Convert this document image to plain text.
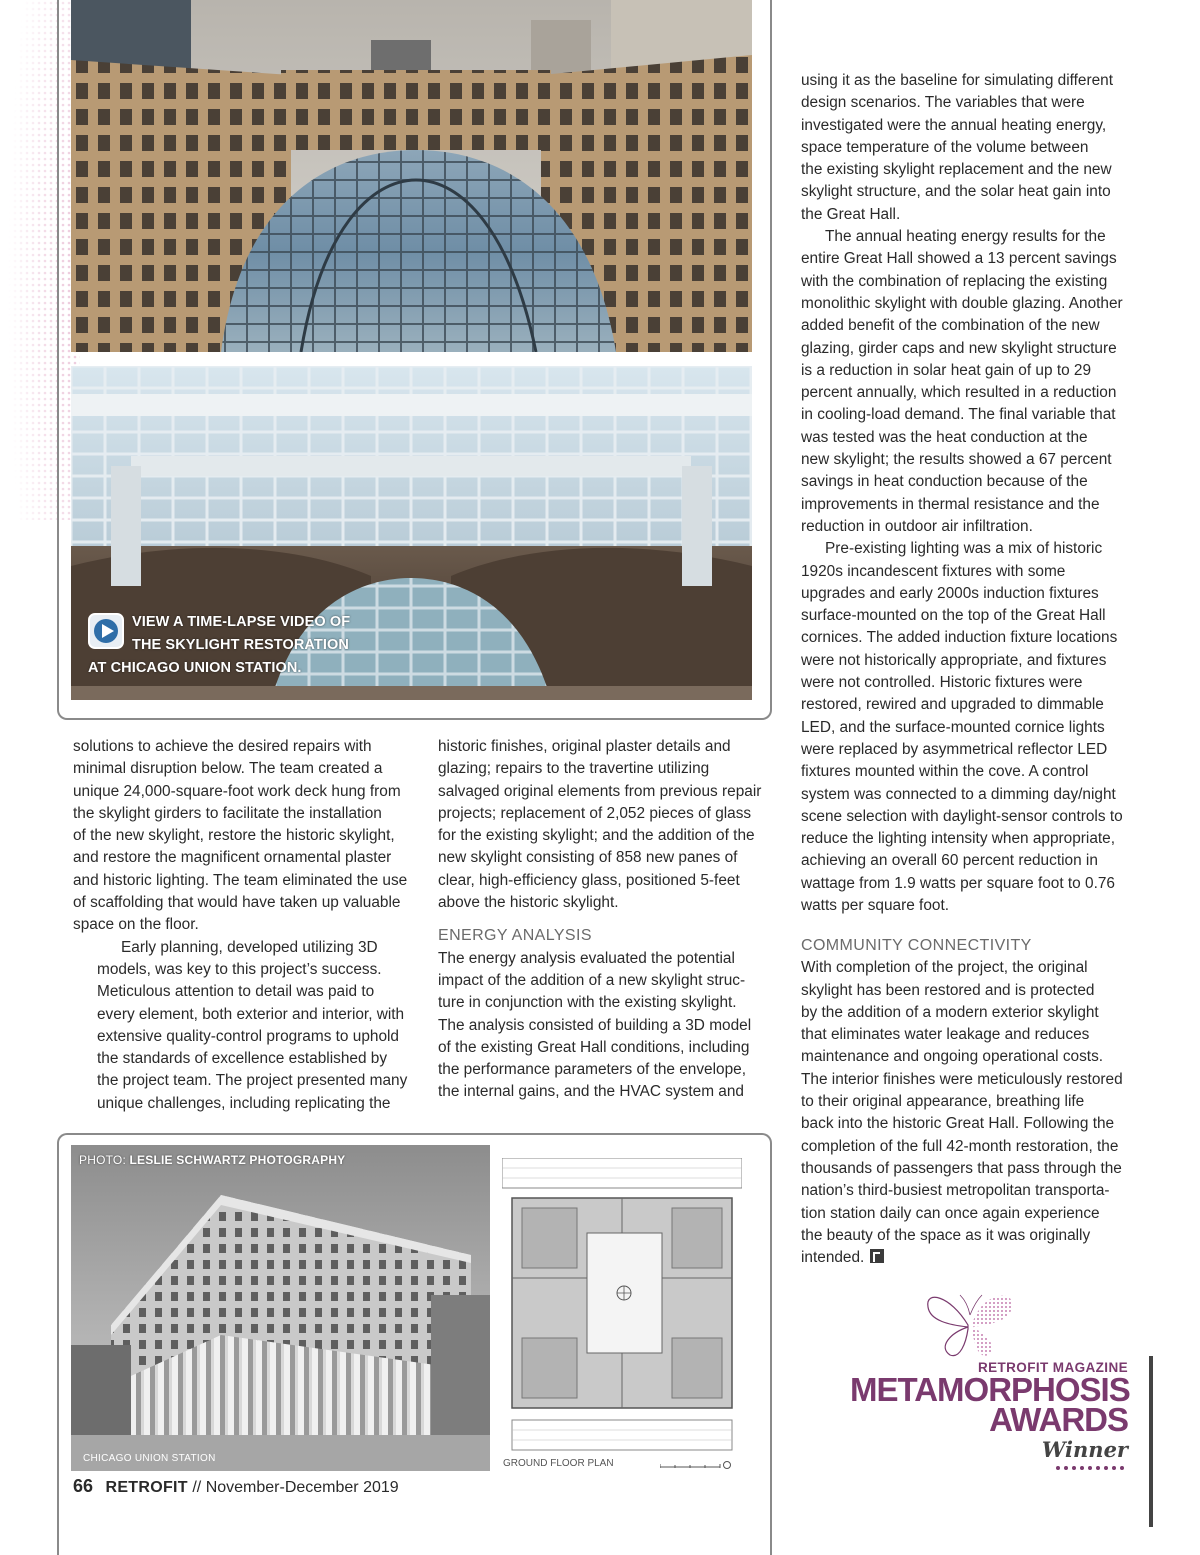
VIEW A TIME-LAPSE VIDEO OF
THE SKYLIGHT RESTORATION
AT CHICAGO UNION STATION.

solutions to achieve the desired repairs with
minimal disruption below. The team created a
unique 24,000-square-foot work deck hung from
the skylight girders to facilitate the installation
of the new skylight, restore the historic skylight,
and restore the magnificent ornamental plaster
and historic lighting. The team eliminated the use
of scaffolding that would have taken up valuable
space on the floor.

Early planning, developed utilizing 3D
models, was key to this project’s success.
Meticulous attention to detail was paid to
every element, both exterior and interior, with
extensive quality-control programs to uphold
the standards of excellence established by
the project team. The project presented many
unique challenges, including replicating the

historic finishes, original plaster details and
glazing; repairs to the travertine utilizing
salvaged original elements from previous repair
projects; replacement of 2,052 pieces of glass
for the existing skylight; and the addition of the
new skylight consisting of 858 new panes of
clear, high-efficiency glass, positioned 5-feet
above the historic skylight.

ENERGY ANALYSIS

The energy analysis evaluated the potential
impact of the addition of a new skylight struc-
ture in conjunction with the existing skylight.
The analysis consisted of building a 3D model
of the existing Great Hall conditions, including
the performance parameters of the envelope,
the internal gains, and the HVAC system and

using it as the baseline for simulating different
design scenarios. The variables that were
investigated were the annual heating energy,
space temperature of the volume between
the existing skylight replacement and the new
skylight structure, and the solar heat gain into
the Great Hall.

The annual heating energy results for the
entire Great Hall showed a 13 percent savings
with the combination of replacing the existing
monolithic skylight with double glazing. Another
added benefit of the combination of the new
glazing, girder caps and new skylight structure
is a reduction in solar heat gain of up to 29
percent annually, which resulted in a reduction
in cooling-load demand. The final variable that
was tested was the heat conduction at the
new skylight; the results showed a 67 percent
savings in heat conduction because of the
improvements in thermal resistance and the
reduction in outdoor air infiltration.

Pre-existing lighting was a mix of historic
1920s incandescent fixtures with some
upgrades and early 2000s induction fixtures
surface-mounted on the top of the Great Hall
cornices. The added induction fixture locations
were not historically appropriate, and fixtures
were not controlled. Historic fixtures were
restored, rewired and upgraded to dimmable
LED, and the surface-mounted cornice lights
were replaced by asymmetrical reflector LED
fixtures mounted within the cove. A control
system was connected to a dimming day/night
scene selection with daylight-sensor controls to
reduce the lighting intensity when appropriate,
achieving an overall 60 percent reduction in
wattage from 1.9 watts per square foot to 0.76
watts per square foot.

COMMUNITY CONNECTIVITY

With completion of the project, the original
skylight has been restored and is protected
by the addition of a modern exterior skylight
that eliminates water leakage and reduces
maintenance and ongoing operational costs.
The interior finishes were meticulously restored
to their original appearance, breathing life
back into the historic Great Hall. Following the
completion of the full 42-month restoration, the
thousands of passengers that pass through the
nation’s third-busiest metropolitan transporta-
tion station daily can once again experience
the beauty of the space as it was originally
intended.

PHOTO: LESLIE SCHWARTZ PHOTOGRAPHY
CHICAGO UNION STATION	GROUND FLOOR PLAN
RETROFIT MAGAZINE
METAMORPHOSIS
AWARDS
Winner
66 RETROFIT // November-December 2019
